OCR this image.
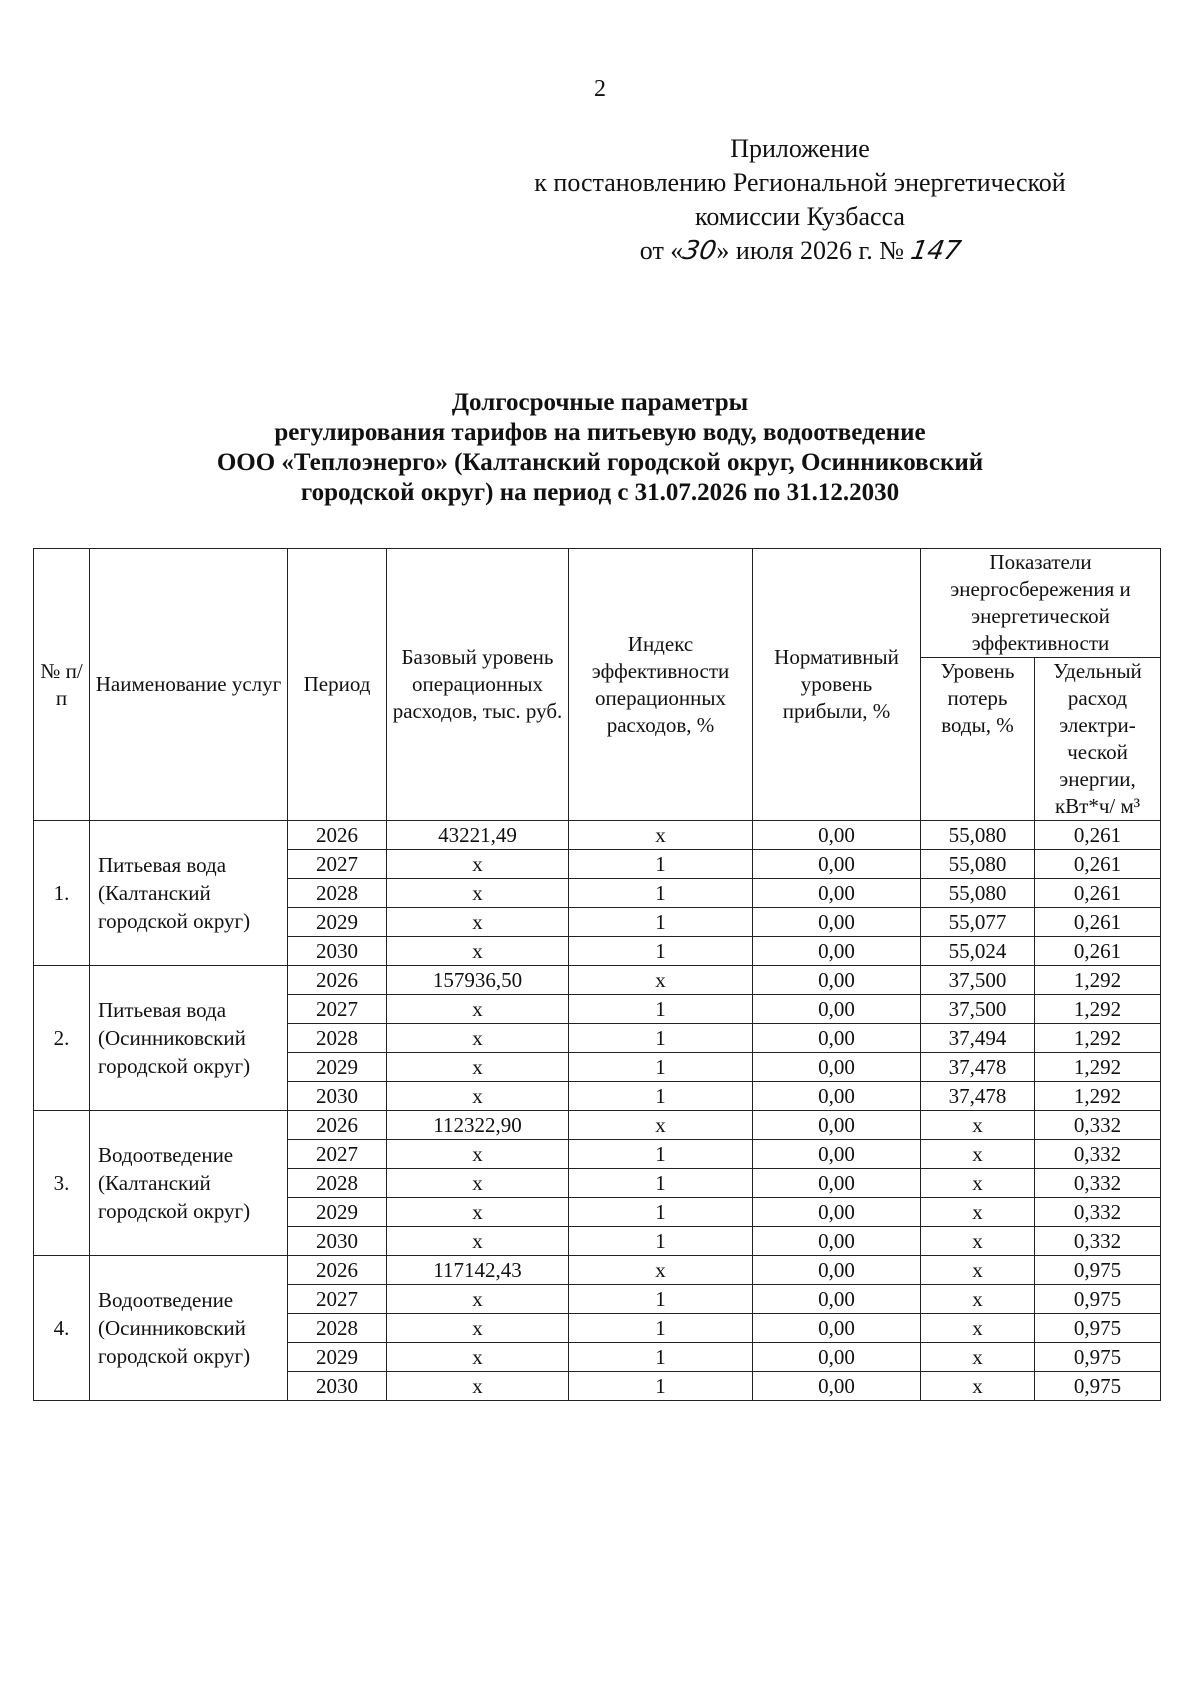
2
Приложение
к постановлению Региональной энергетической
комиссии Кузбасса
от «30» июля 2026 г. № 147
Долгосрочные параметры
регулирования тарифов на питьевую воду, водоотведение
ООО «Теплоэнерго» (Калтанский городской округ, Осинниковский
городской округ) на период с 31.07.2026 по 31.12.2030
№ п/п	Наименование услуг	Период	Базовый уровень операционных расходов, тыс. руб.	Индекс эффективности операционных расходов, %	Нормативный уровень прибыли, %	Показатели энергосбережения и энергетической эффективности	
						Уровень потерь воды, %	Удельный расход электри-ческой энергии, кВт*ч/ м³
1.	Питьевая вода (Калтанский городской округ)	2026	43221,49	х	0,00	55,080	0,261
		2027	х	1	0,00	55,080	0,261
		2028	х	1	0,00	55,080	0,261
		2029	х	1	0,00	55,077	0,261
		2030	х	1	0,00	55,024	0,261
2.	Питьевая вода (Осинниковский городской округ)	2026	157936,50	х	0,00	37,500	1,292
		2027	х	1	0,00	37,500	1,292
		2028	х	1	0,00	37,494	1,292
		2029	х	1	0,00	37,478	1,292
		2030	х	1	0,00	37,478	1,292
3.	Водоотведение (Калтанский городской округ)	2026	112322,90	х	0,00	х	0,332
		2027	х	1	0,00	х	0,332
		2028	х	1	0,00	х	0,332
		2029	х	1	0,00	х	0,332
		2030	х	1	0,00	х	0,332
4.	Водоотведение (Осинниковский городской округ)	2026	117142,43	х	0,00	х	0,975
		2027	х	1	0,00	х	0,975
		2028	х	1	0,00	х	0,975
		2029	х	1	0,00	х	0,975
		2030	х	1	0,00	х	0,975
